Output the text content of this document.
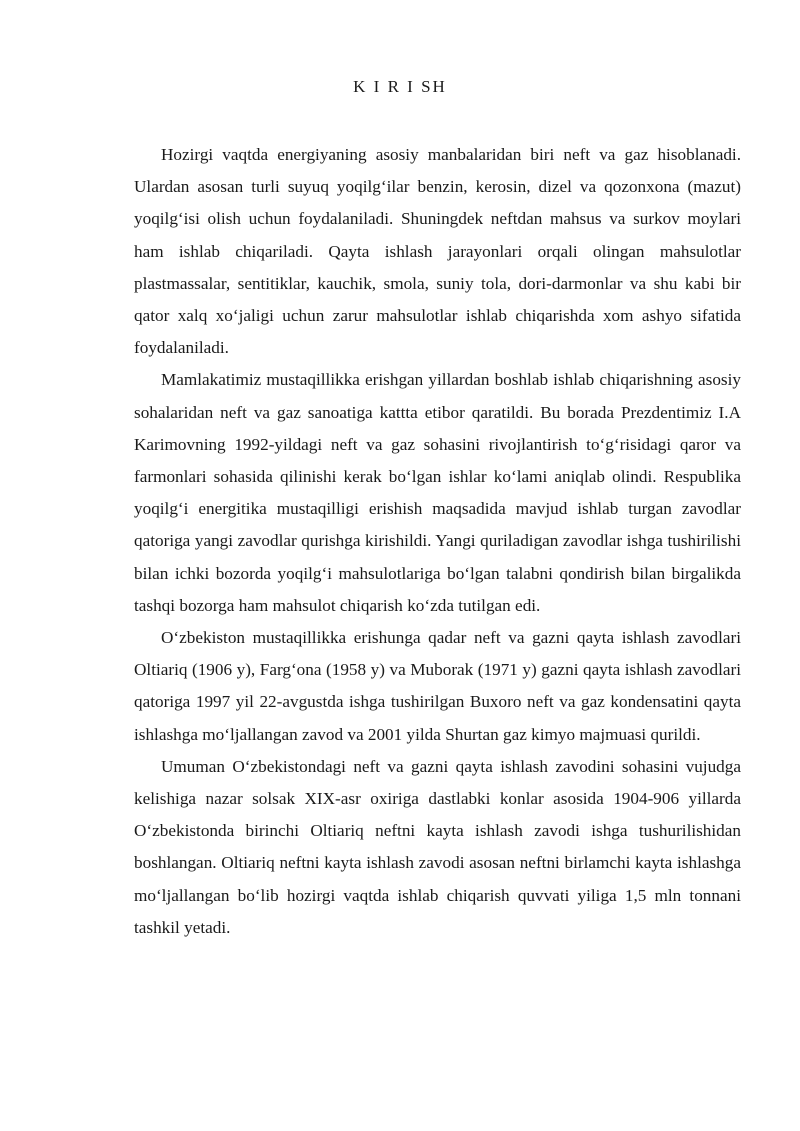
K I R I SH

Hozirgi vaqtda energiyaning asosiy manbalaridan biri neft va gaz hisoblanadi. Ulardan asosan turli suyuq yoqilg‘ilar benzin, kerosin, dizel va qozonxona (mazut) yoqilg‘isi olish uchun foydalaniladi. Shuningdek neftdan mahsus va surkov moylari ham ishlab chiqariladi. Qayta ishlash jarayonlari orqali olingan mahsulotlar plastmassalar, sentitiklar, kauchik, smola, suniy tola, dori-darmonlar va shu kabi bir qator xalq xo‘jaligi uchun zarur mahsulotlar ishlab chiqarishda xom ashyo sifatida foydalaniladi.

Mamlakatimiz mustaqillikka erishgan yillardan boshlab ishlab chiqarishning asosiy sohalaridan neft va gaz sanoatiga kattta etibor qaratildi. Bu borada Prezdentimiz I.A Karimovning 1992-yildagi neft va gaz sohasini rivojlantirish to‘g‘risidagi qaror va farmonlari sohasida qilinishi kerak bo‘lgan ishlar ko‘lami aniqlab olindi. Respublika yoqilg‘i energitika mustaqilligi erishish maqsadida mavjud ishlab turgan zavodlar qatoriga yangi zavodlar qurishga kirishildi. Yangi quriladigan zavodlar ishga tushirilishi bilan ichki bozorda yoqilg‘i mahsulotlariga bo‘lgan talabni qondirish bilan birgalikda tashqi bozorga ham mahsulot chiqarish ko‘zda tutilgan edi.

O‘zbekiston mustaqillikka erishunga qadar neft va gazni qayta ishlash zavodlari Oltiariq (1906 y), Farg‘ona (1958 y) va Muborak (1971 y) gazni qayta ishlash zavodlari qatoriga 1997 yil 22-avgustda ishga tushirilgan Buxoro neft va gaz kondensatini qayta ishlashga mo‘ljallangan zavod va 2001 yilda Shurtan gaz kimyo majmuasi qurildi.

Umuman O‘zbekistondagi neft va gazni qayta ishlash zavodini sohasini vujudga kelishiga nazar solsak XIX-asr oxiriga dastlabki konlar asosida 1904-906 yillarda O‘zbekistonda birinchi Oltiariq neftni kayta ishlash zavodi ishga tushurilishidan boshlangan. Oltiariq neftni kayta ishlash zavodi asosan neftni birlamchi kayta ishlashga mo‘ljallangan bo‘lib hozirgi vaqtda ishlab chiqarish quvvati yiliga 1,5 mln tonnani tashkil yetadi.
